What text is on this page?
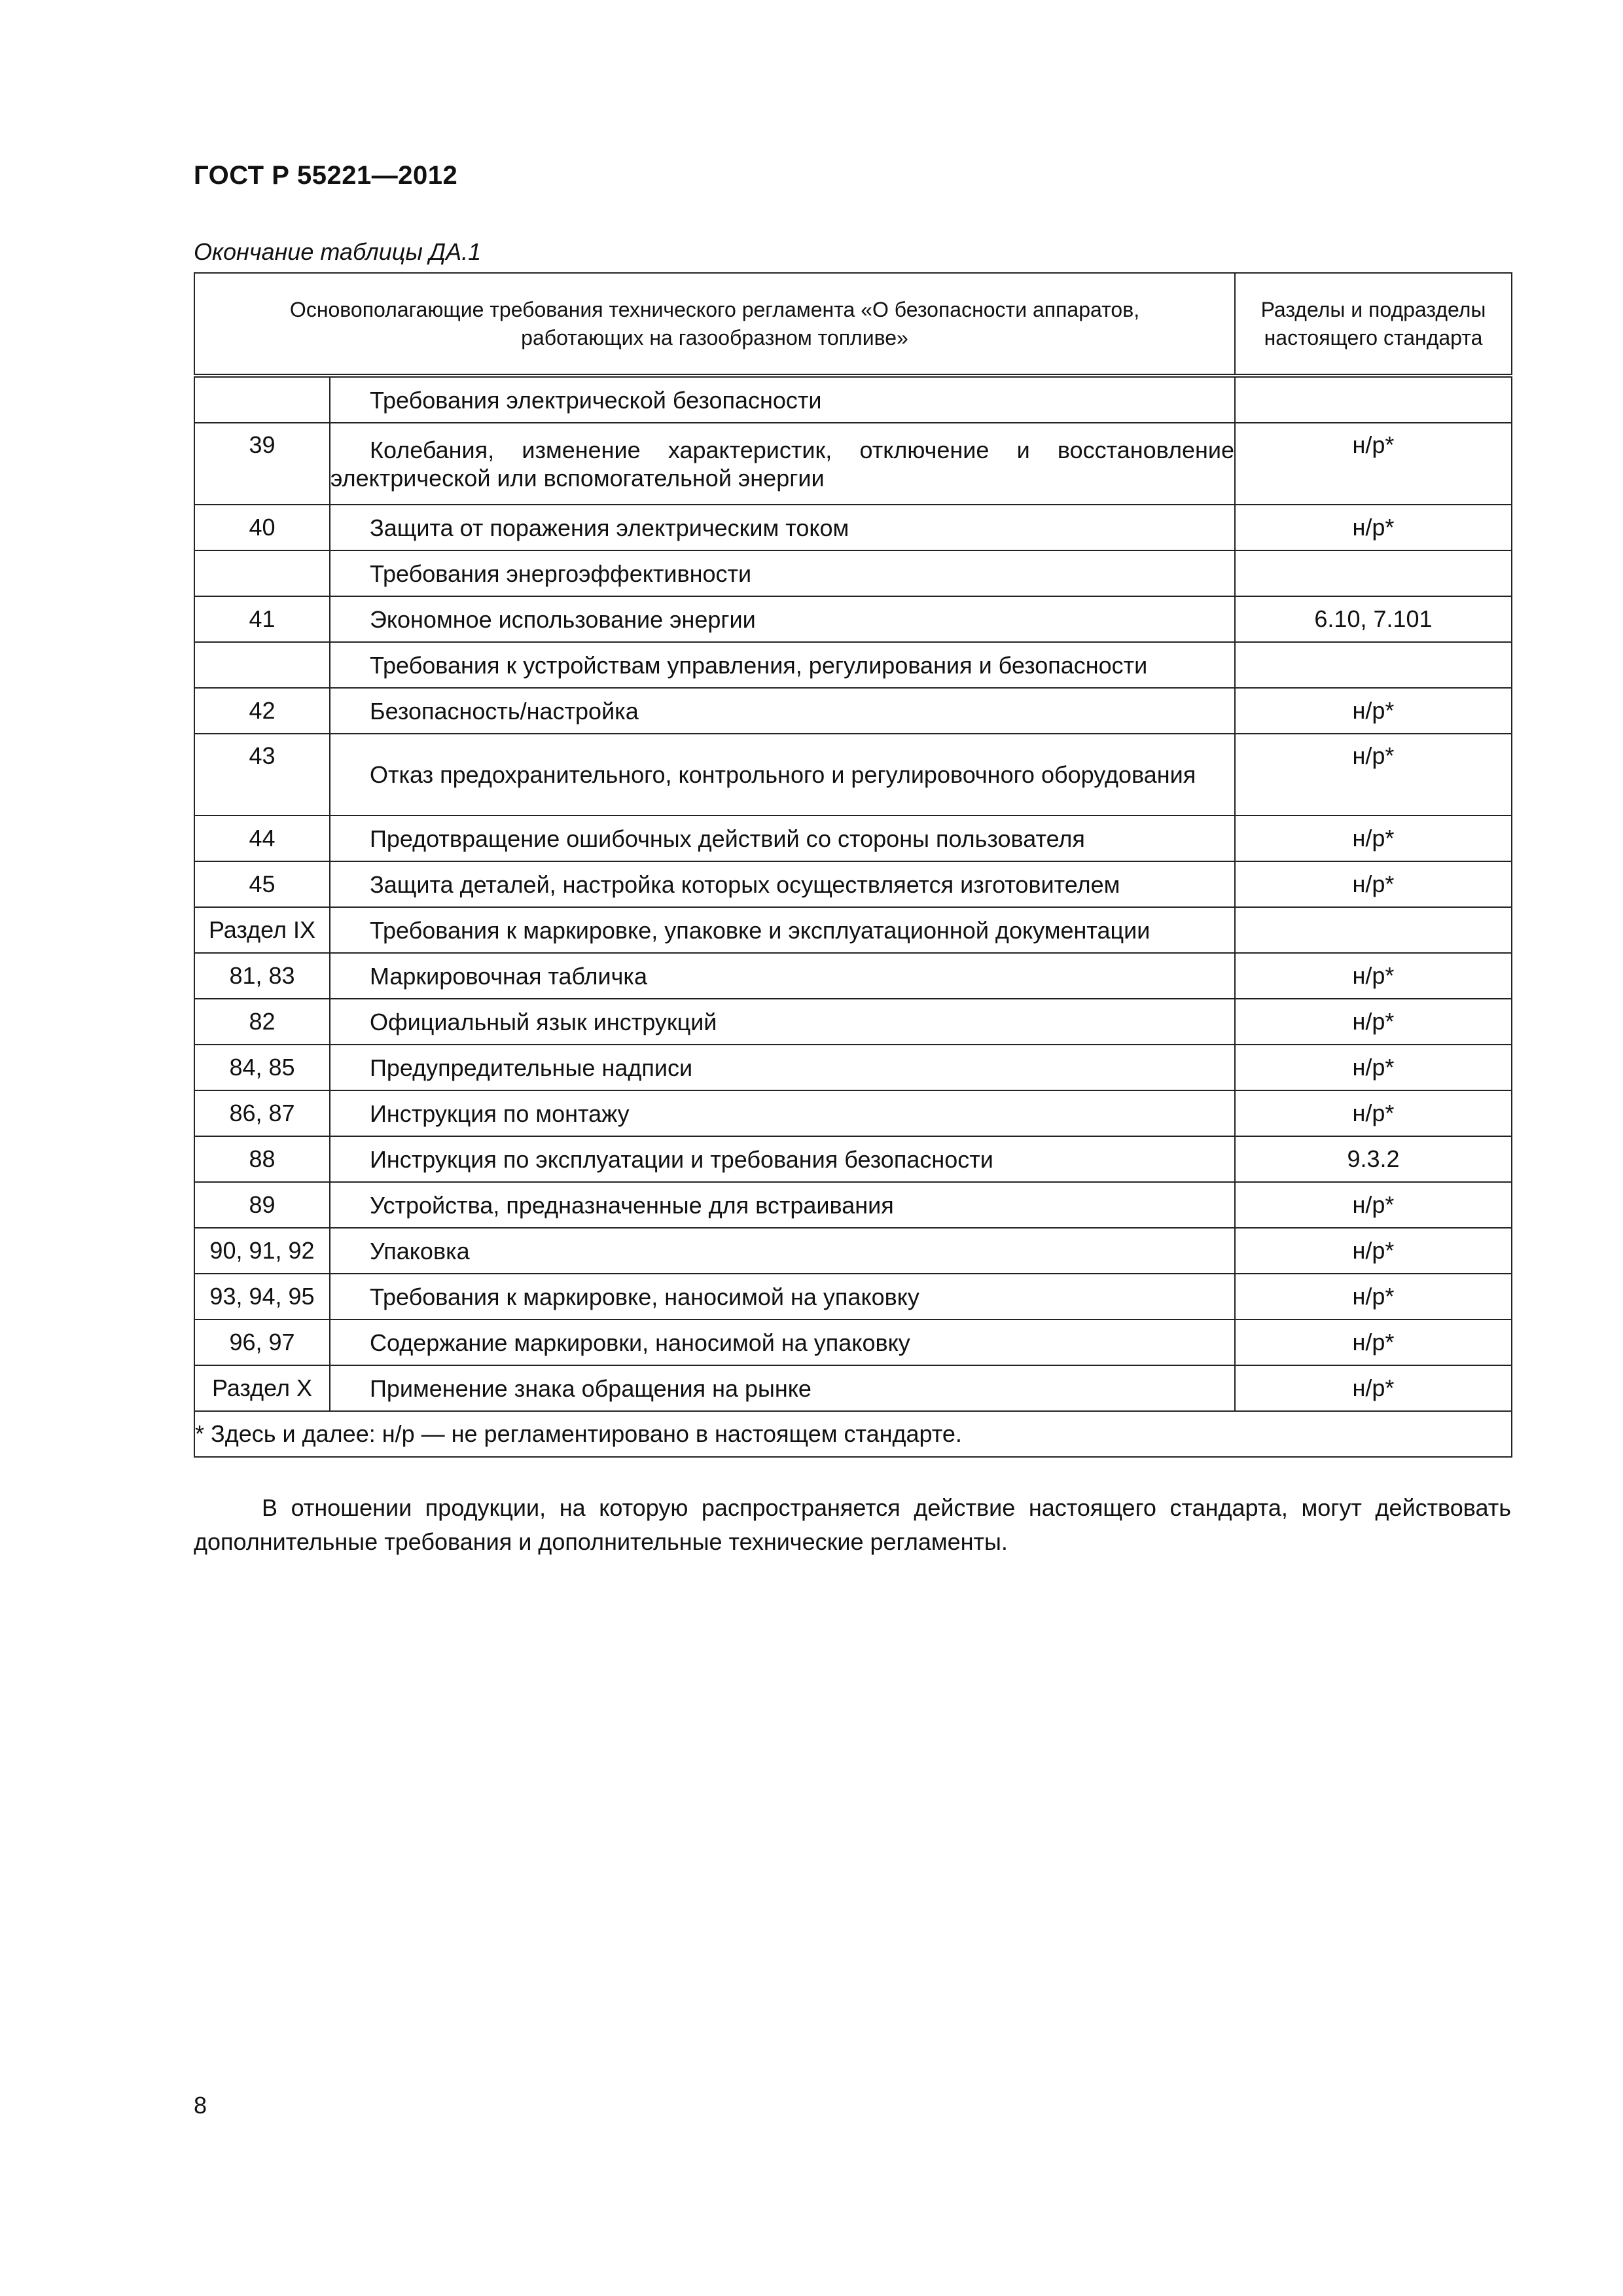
ГОСТ Р 55221—2012
Окончание таблицы ДА.1
Основополагающие требования технического регламента «О безопасности аппаратов, работающих на газообразном топливе»		Разделы и подразделы настоящего стандарта
	Требования электрической безопасности	
39	Колебания, изменение характеристик, отключение и восстановление электрической или вспомогательной энергии	н/р*
40	Защита от поражения электрическим током	н/р*
	Требования энергоэффективности	
41	Экономное использование энергии	6.10, 7.101
	Требования к устройствам управления, регулирования и безопасности	
42	Безопасность/настройка	н/р*
43	Отказ предохранительного, контрольного и регулировочного оборудования	н/р*
44	Предотвращение ошибочных действий со стороны пользователя	н/р*
45	Защита деталей, настройка которых осуществляется изготовителем	н/р*
Раздел IX	Требования к маркировке, упаковке и эксплуатационной документации	
81, 83	Маркировочная табличка	н/р*
82	Официальный язык инструкций	н/р*
84, 85	Предупредительные надписи	н/р*
86, 87	Инструкция по монтажу	н/р*
88	Инструкция по эксплуатации и требования безопасности	9.3.2
89	Устройства, предназначенные для встраивания	н/р*
90, 91, 92	Упаковка	н/р*
93, 94, 95	Требования к маркировке, наносимой на упаковку	н/р*
96, 97	Содержание маркировки, наносимой на упаковку	н/р*
Раздел X	Применение знака обращения на рынке	н/р*
* Здесь и далее: н/р — не регламентировано в настоящем стандарте.		
В отношении продукции, на которую распространяется действие настоящего стандарта, могут действовать дополнительные требования и дополнительные технические регламенты.
8
